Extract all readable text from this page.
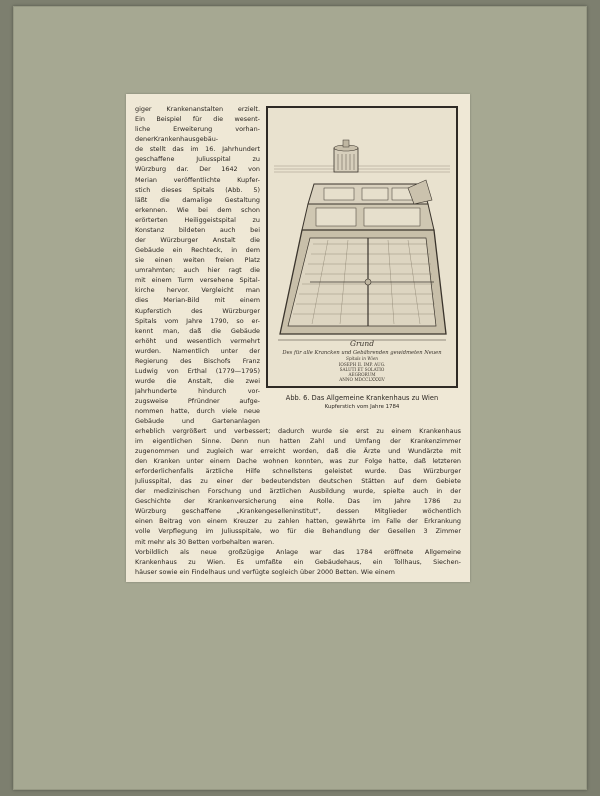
giger Krankenanstalten erzielt.
Ein Beispiel für die wesent-
liche Erweiterung vorhan-
denerKrankenhausgebäu-
de stellt das im 16. Jahrhundert
geschaffene Juliusspital zu
Würzburg dar. Der 1642 von
Merian veröffentlichte Kupfer-
stich dieses Spitals (Abb. 5)
läßt die damalige Gestaltung
erkennen. Wie bei dem schon
erörterten Heiliggeistspital zu
Konstanz bildeten auch bei
der Würzburger Anstalt die
Gebäude ein Rechteck, in dem
sie einen weiten freien Platz
umrahmten; auch hier ragt die
mit einem Turm versehene Spital-
kirche hervor. Vergleicht man
dies Merian-Bild mit einem
Kupferstich des Würzburger
Spitals vom Jahre 1790, so er-
kennt man, daß die Gebäude
erhöht und wesentlich vermehrt
wurden. Namentlich unter der
Regierung des Bischofs Franz
Ludwig von Erthal (1779—1795)
wurde die Anstalt, die zwei
Jahrhunderte hindurch vor-
zugsweise Pfründner aufge-
nommen hatte, durch viele neue
Gebäude und Gartenanlagen
Grund
Des für alle Krancken und Gebährenden gewidmeten Neuen
Spitals in Wien
IOSEPH II. IMP. AUG.
SALUTI ET SOLATIO
AEGRORUM
ANNO MDCCLXXXIV
Abb. 6. Das Allgemeine Krankenhaus zu Wien
Kupferstich vom Jahre 1784
erheblich vergrößert und verbessert; dadurch wurde sie erst zu einem Krankenhaus
im eigentlichen Sinne. Denn nun hatten Zahl und Umfang der Krankenzimmer
zugenommen und zugleich war erreicht worden, daß die Ärzte und Wundärzte mit
den Kranken unter einem Dache wohnen konnten, was zur Folge hatte, daß letzteren
erforderlichenfalls ärztliche Hilfe schnellstens geleistet wurde. Das Würzburger
Juliusspital, das zu einer der bedeutendsten deutschen Stätten auf dem Gebiete
der medizinischen Forschung und ärztlichen Ausbildung wurde, spielte auch in der
Geschichte der Krankenversicherung eine Rolle. Das im Jahre 1786 zu
Würzburg geschaffene „Krankengeselleninstitut", dessen Mitglieder wöchentlich
einen Beitrag von einem Kreuzer zu zahlen hatten, gewährte im Falle der Erkrankung
volle Verpflegung im Juliusspitale, wo für die Behandlung der Gesellen 3 Zimmer
mit mehr als 30 Betten vorbehalten waren.
Vorbildlich als neue großzügige Anlage war das 1784 eröffnete Allgemeine
Krankenhaus zu Wien. Es umfaßte ein Gebäudehaus, ein Tollhaus, Siechen-
häuser sowie ein Findelhaus und verfügte sogleich über 2000 Betten. Wie einem
